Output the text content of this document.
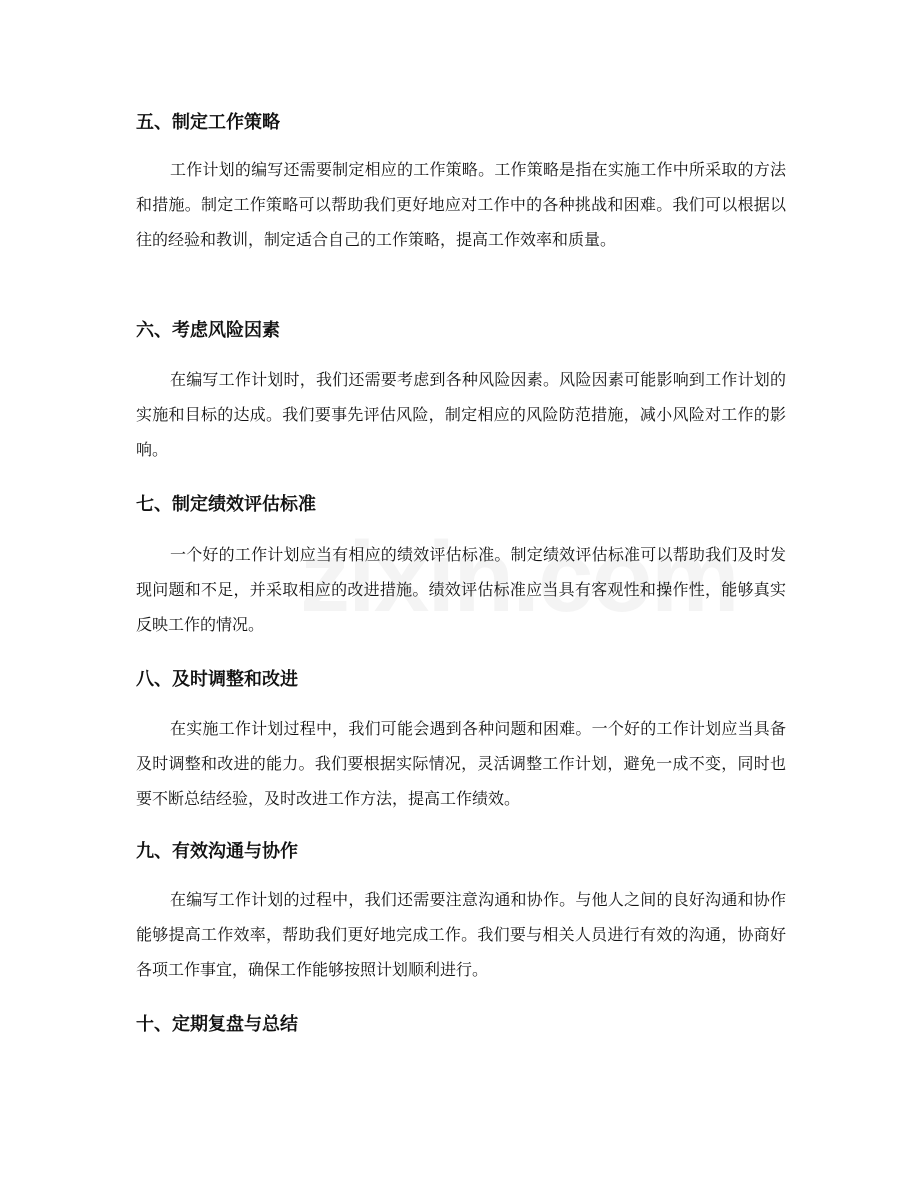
五、制定工作策略
工作计划的编写还需要制定相应的工作策略。工作策略是指在实施工作中所采取的方法和措施。制定工作策略可以帮助我们更好地应对工作中的各种挑战和困难。我们可以根据以往的经验和教训，制定适合自己的工作策略，提高工作效率和质量。
六、考虑风险因素
在编写工作计划时，我们还需要考虑到各种风险因素。风险因素可能影响到工作计划的实施和目标的达成。我们要事先评估风险，制定相应的风险防范措施，减小风险对工作的影响。
七、制定绩效评估标准
一个好的工作计划应当有相应的绩效评估标准。制定绩效评估标准可以帮助我们及时发现问题和不足，并采取相应的改进措施。绩效评估标准应当具有客观性和操作性，能够真实反映工作的情况。
八、及时调整和改进
在实施工作计划过程中，我们可能会遇到各种问题和困难。一个好的工作计划应当具备及时调整和改进的能力。我们要根据实际情况，灵活调整工作计划，避免一成不变，同时也要不断总结经验，及时改进工作方法，提高工作绩效。
九、有效沟通与协作
在编写工作计划的过程中，我们还需要注意沟通和协作。与他人之间的良好沟通和协作能够提高工作效率，帮助我们更好地完成工作。我们要与相关人员进行有效的沟通，协商好各项工作事宜，确保工作能够按照计划顺利进行。
十、定期复盘与总结
